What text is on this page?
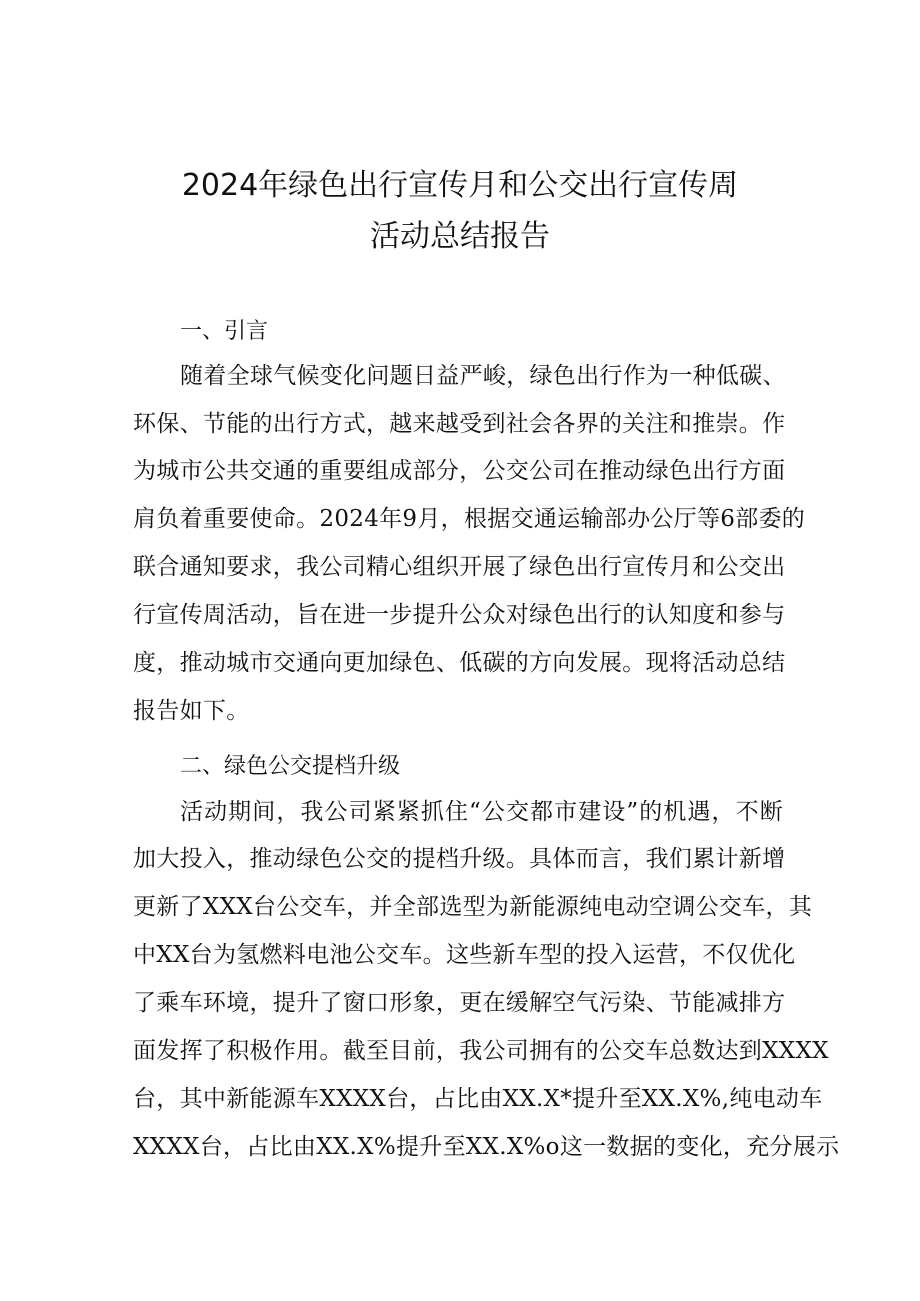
2024年绿色出行宣传月和公交出行宣传周
活动总结报告
一、引言
随着全球气候变化问题日益严峻，绿色出行作为一种低碳、
环保、节能的出行方式，越来越受到社会各界的关注和推崇。作
为城市公共交通的重要组成部分，公交公司在推动绿色出行方面
肩负着重要使命。2024年9月，根据交通运输部办公厅等6部委的
联合通知要求，我公司精心组织开展了绿色出行宣传月和公交出
行宣传周活动，旨在进一步提升公众对绿色出行的认知度和参与
度，推动城市交通向更加绿色、低碳的方向发展。现将活动总结
报告如下。
二、绿色公交提档升级
活动期间，我公司紧紧抓住“公交都市建设”的机遇，不断
加大投入，推动绿色公交的提档升级。具体而言，我们累计新增
更新了XXX台公交车，并全部选型为新能源纯电动空调公交车，其
中XX台为氢燃料电池公交车。这些新车型的投入运营，不仅优化
了乘车环境，提升了窗口形象，更在缓解空气污染、节能减排方
面发挥了积极作用。截至目前，我公司拥有的公交车总数达到XXXX
台，其中新能源车XXXX台，占比由XX.X*提升至XX.X%,纯电动车
XXXX台，占比由XX.X%提升至XX.X%o这一数据的变化，充分展示
